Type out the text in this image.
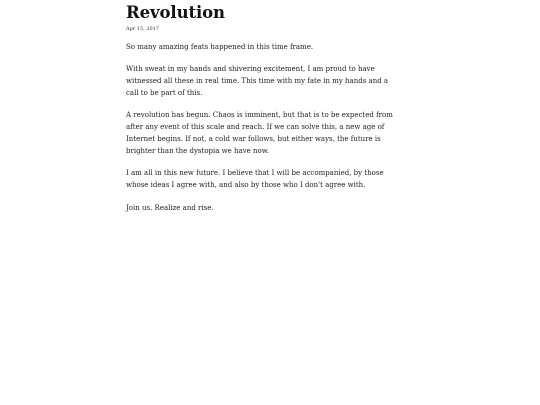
Revolution
Apr 15, 2017

So many amazing feats happened in this time frame.

With sweat in my hands and shivering excitement, I am proud to have
witnessed all these in real time. This time with my fate in my hands and a
call to be part of this.

A revolution has begun. Chaos is imminent, but that is to be expected from
after any event of this scale and reach. If we can solve this, a new age of
Internet begins. If not, a cold war follows, but either ways, the future is
brighter than the dystopia we have now.

I am all in this new future. I believe that I will be accompanied, by those
whose ideas I agree with, and also by those who I don't agree with.

Join us. Realize and rise.
